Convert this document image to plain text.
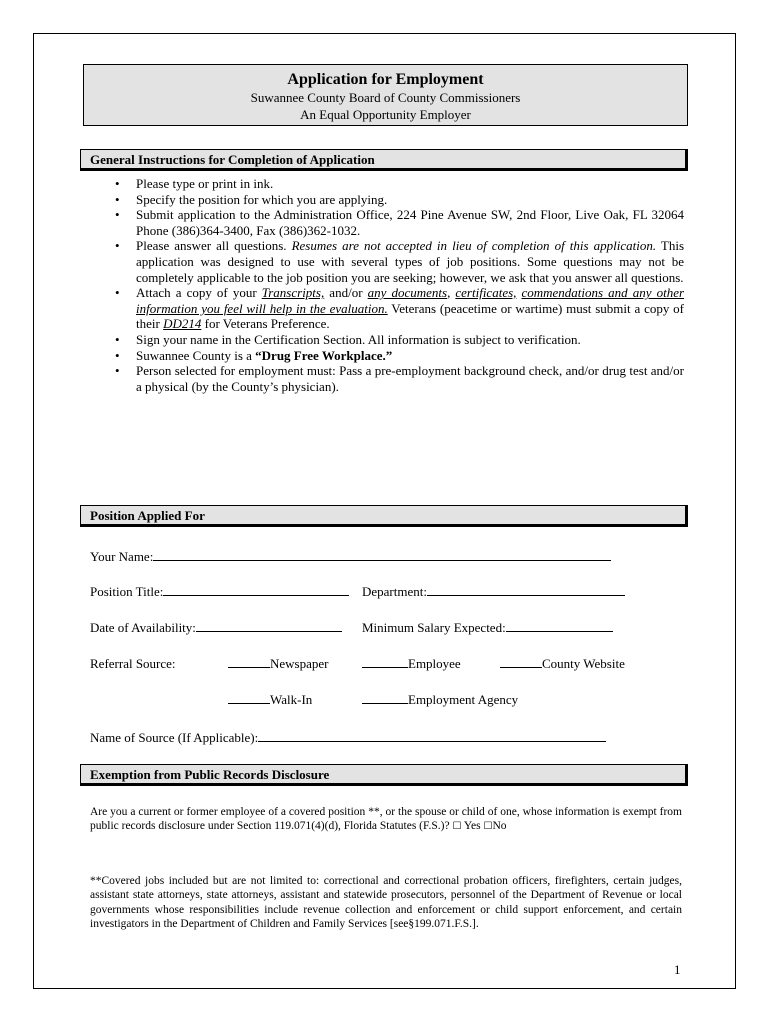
Application for Employment
Suwannee County Board of County Commissioners
An Equal Opportunity Employer
General Instructions for Completion of Application
• Please type or print in ink.
• Specify the position for which you are applying.
• Submit application to the Administration Office, 224 Pine Avenue SW, 2nd Floor, Live Oak, FL 32064 Phone (386)364-3400, Fax (386)362-1032.
• Please answer all questions. Resumes are not accepted in lieu of completion of this application. This application was designed to use with several types of job positions. Some questions may not be completely applicable to the job position you are seeking; however, we ask that you answer all questions.
• Attach a copy of your Transcripts, and/or any documents, certificates, commendations and any other information you feel will help in the evaluation. Veterans (peacetime or wartime) must submit a copy of their DD214 for Veterans Preference.
• Sign your name in the Certification Section. All information is subject to verification.
• Suwannee County is a “Drug Free Workplace.”
• Person selected for employment must: Pass a pre-employment background check, and/or drug test and/or a physical (by the County’s physician).
Position Applied For
Your Name:
Position Title:	Department:
Date of Availability:	Minimum Salary Expected:
Referral Source:	Newspaper	Employee	County Website
Walk-In	Employment Agency
Name of Source (If Applicable):
Exemption from Public Records Disclosure
Are you a current or former employee of a covered position **, or the spouse or child of one, whose information is exempt from public records disclosure under Section 119.071(4)(d), Florida Statutes (F.S.)? ☐ Yes ☐No
**Covered jobs included but are not limited to: correctional and correctional probation officers, firefighters, certain judges, assistant state attorneys, state attorneys, assistant and statewide prosecutors, personnel of the Department of Revenue or local governments whose responsibilities include revenue collection and enforcement or child support enforcement, and certain investigators in the Department of Children and Family Services [see§199.071.F.S.].
1
